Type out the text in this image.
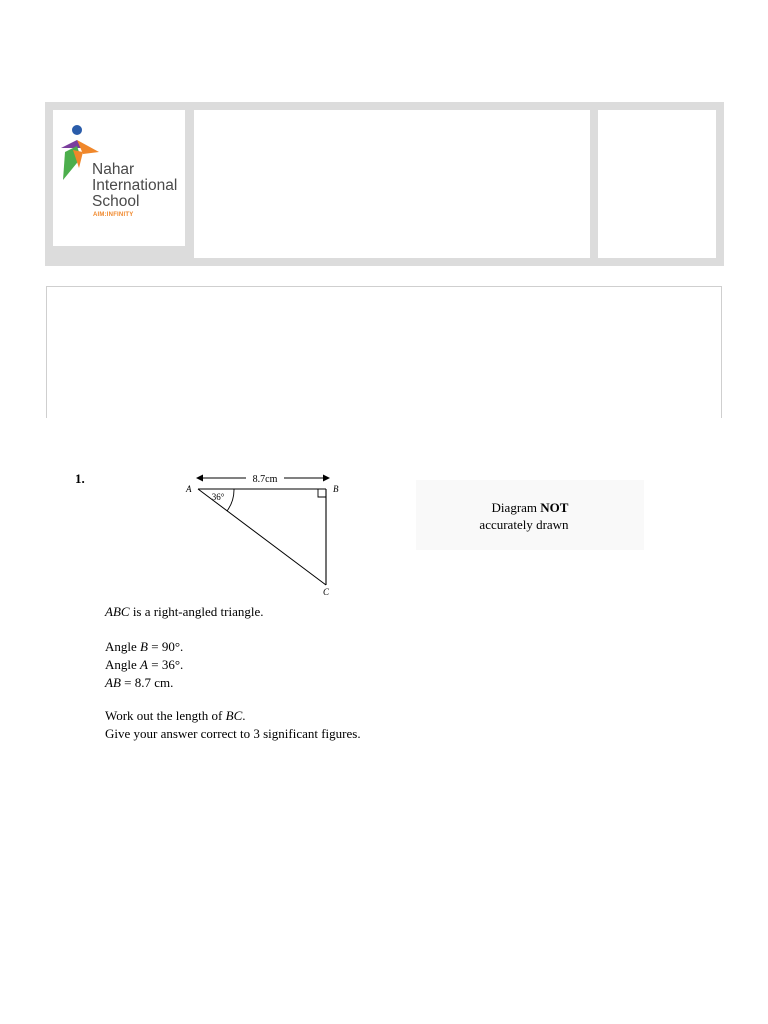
Nahar
International
School
AIM:INFINITY
1.	8.7cm
36°
A	B
C
Diagram NOT
accurately drawn
ABC is a right-angled triangle.
Angle B = 90°.
Angle A = 36°.
AB = 8.7 cm.
Work out the length of BC.
Give your answer correct to 3 significant figures.
